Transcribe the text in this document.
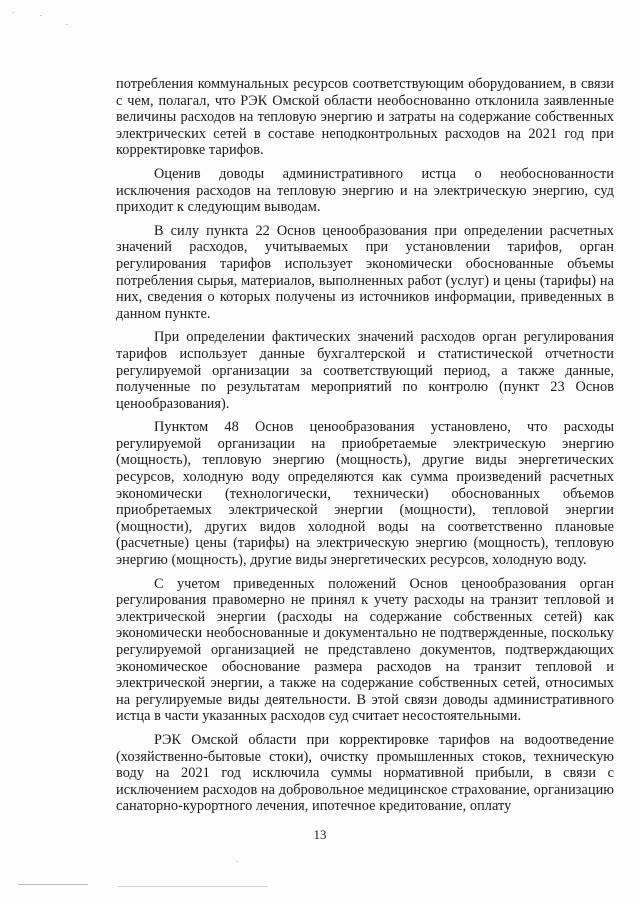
потребления коммунальных ресурсов соответствующим оборудованием, в связи с чем, полагал, что РЭК Омской области необоснованно отклонила заявленные величины расходов на тепловую энергию и затраты на содержание собственных электрических сетей в составе неподконтрольных расходов на 2021 год при корректировке тарифов.

Оценив доводы административного истца о необоснованности исключения расходов на тепловую энергию и на электрическую энергию, суд приходит к следующим выводам.

В силу пункта 22 Основ ценообразования при определении расчетных значений расходов, учитываемых при установлении тарифов, орган регулирования тарифов использует экономически обоснованные объемы потребления сырья, материалов, выполненных работ (услуг) и цены (тарифы) на них, сведения о которых получены из источников информации, приведенных в данном пункте.

При определении фактических значений расходов орган регулирования тарифов использует данные бухгалтерской и статистической отчетности регулируемой организации за соответствующий период, а также данные, полученные по результатам мероприятий по контролю (пункт 23 Основ ценообразования).

Пунктом 48 Основ ценообразования установлено, что расходы регулируемой организации на приобретаемые электрическую энергию (мощность), тепловую энергию (мощность), другие виды энергетических ресурсов, холодную воду определяются как сумма произведений расчетных экономически (технологически, технически) обоснованных объемов приобретаемых электрической энергии (мощности), тепловой энергии (мощности), других видов холодной воды на соответственно плановые (расчетные) цены (тарифы) на электрическую энергию (мощность), тепловую энергию (мощность), другие виды энергетических ресурсов, холодную воду.

С учетом приведенных положений Основ ценообразования орган регулирования правомерно не принял к учету расходы на транзит тепловой и электрической энергии (расходы на содержание собственных сетей) как экономически необоснованные и документально не подтвержденные, поскольку регулируемой организацией не представлено документов, подтверждающих экономическое обоснование размера расходов на транзит тепловой и электрической энергии, а также на содержание собственных сетей, относимых на регулируемые виды деятельности. В этой связи доводы административного истца в части указанных расходов суд считает несостоятельными.

РЭК Омской области при корректировке тарифов на водоотведение (хозяйственно-бытовые стоки), очистку промышленных стоков, техническую воду на 2021 год исключила суммы нормативной прибыли, в связи с исключением расходов на добровольное медицинское страхование, организацию санаторно-курортного лечения, ипотечное кредитование, оплату

13
